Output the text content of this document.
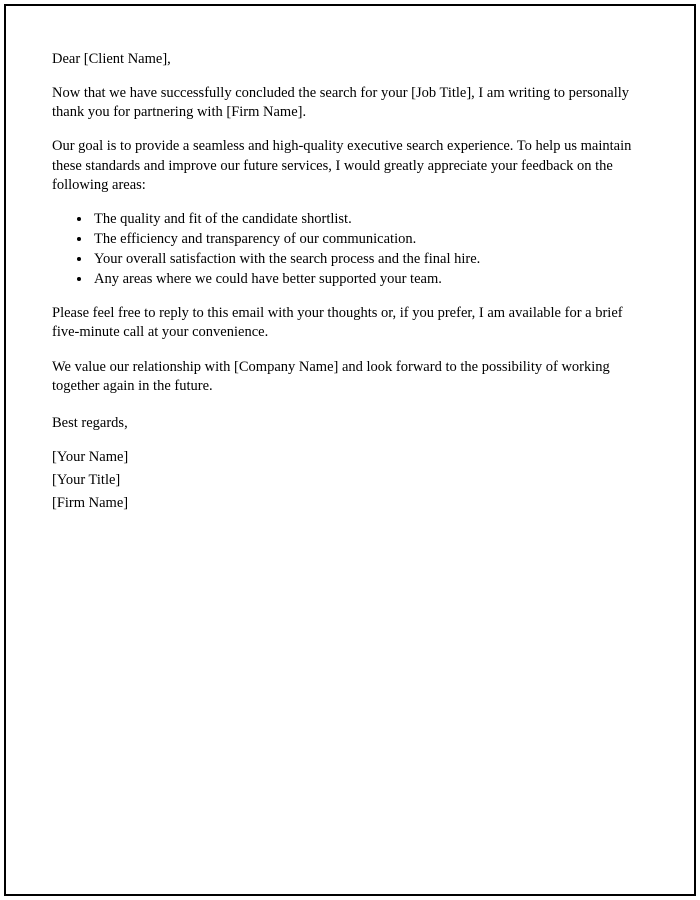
Dear [Client Name],

Now that we have successfully concluded the search for your [Job Title], I am writing to personally thank you for partnering with [Firm Name].

Our goal is to provide a seamless and high-quality executive search experience. To help us maintain these standards and improve our future services, I would greatly appreciate your feedback on the following areas:

• The quality and fit of the candidate shortlist.
• The efficiency and transparency of our communication.
• Your overall satisfaction with the search process and the final hire.
• Any areas where we could have better supported your team.

Please feel free to reply to this email with your thoughts or, if you prefer, I am available for a brief five-minute call at your convenience.

We value our relationship with [Company Name] and look forward to the possibility of working together again in the future.

Best regards,

[Your Name]
[Your Title]
[Firm Name]
